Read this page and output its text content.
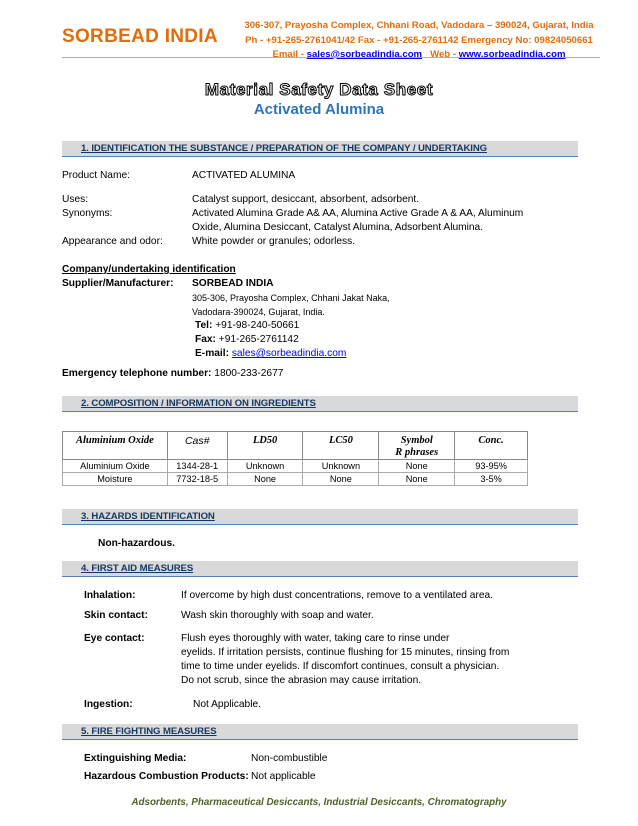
SORBEAD INDIA
306-307, Prayosha Complex, Chhani Road, Vadodara – 390024, Gujarat, India
Ph - +91-265-2761041/42 Fax - +91-265-2761142 Emergency No: 09824050661
Email - sales@sorbeadindia.com Web - www.sorbeadindia.com
Material Safety Data Sheet
Activated Alumina
1. IDENTIFICATION THE SUBSTANCE / PREPARATION OF THE COMPANY / UNDERTAKING
Product Name:	ACTIVATED ALUMINA
Uses:	Catalyst support, desiccant, absorbent, adsorbent.
Synonyms:	Activated Alumina Grade A& AA, Alumina Active Grade A & AA, Aluminum
Oxide, Alumina Desiccant, Catalyst Alumina, Adsorbent Alumina.
Appearance and odor:	White powder or granules; odorless.
Company/undertaking identification
Supplier/Manufacturer: SORBEAD INDIA
305-306, Prayosha Complex, Chhani Jakat Naka,
Vadodara-390024, Gujarat, India.
Tel: +91-98-240-50661
Fax: +91-265-2761142
E-mail: sales@sorbeadindia.com
Emergency telephone number: 1800-233-2677
2. COMPOSITION / INFORMATION ON INGREDIENTS
Aluminium Oxide	Cas#	LD50	LC50	Symbol
R phrases	Conc.
Aluminium Oxide	1344-28-1	Unknown	Unknown	None	93-95%
Moisture	7732-18-5	None	None	None	3-5%
3. HAZARDS IDENTIFICATION
Non-hazardous.
4. FIRST AID MEASURES
Inhalation:	If overcome by high dust concentrations, remove to a ventilated area.
Skin contact:	Wash skin thoroughly with soap and water.
Eye contact:	Flush eyes thoroughly with water, taking care to rinse under
eyelids. If irritation persists, continue flushing for 15 minutes, rinsing from
time to time under eyelids. If discomfort continues, consult a physician.
Do not scrub, since the abrasion may cause irritation.
Ingestion:	Not Applicable.
5. FIRE FIGHTING MEASURES
Extinguishing Media:	Non-combustible
Hazardous Combustion Products: Not applicable
Adsorbents, Pharmaceutical Desiccants, Industrial Desiccants, Chromatography
